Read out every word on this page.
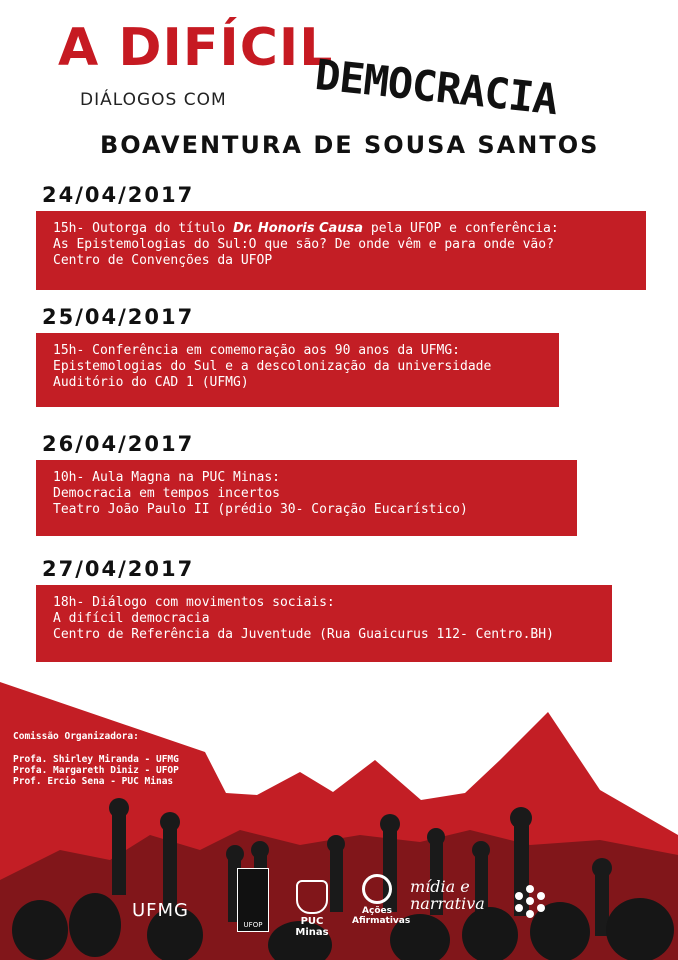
A DIFÍCIL
DEMOCRACIA
DIÁLOGOS COM
BOAVENTURA DE SOUSA SANTOS
24/04/2017
15h- Outorga do título Dr. Honoris Causa pela UFOP e conferência:
As Epistemologias do Sul:O que são? De onde vêm e para onde vão?
Centro de Convenções da UFOP
25/04/2017
15h- Conferência em comemoração aos 90 anos da UFMG:
Epistemologias do Sul e a descolonização da universidade
Auditório do CAD 1 (UFMG)
26/04/2017
10h- Aula Magna na PUC Minas:
Democracia em tempos incertos
Teatro João Paulo II (prédio 30- Coração Eucarístico)
27/04/2017
18h- Diálogo com movimentos sociais:
A difícil democracia
Centro de Referência da Juventude (Rua Guaicurus 112- Centro.BH)
Comissão Organizadora:
Profa. Shirley Miranda - UFMG
Profa. Margareth Diniz - UFOP
Prof. Ercio Sena - PUC Minas
UFMG
UFOP	PUC Minas
Ações Afirmativas
mídia e
narrativa
